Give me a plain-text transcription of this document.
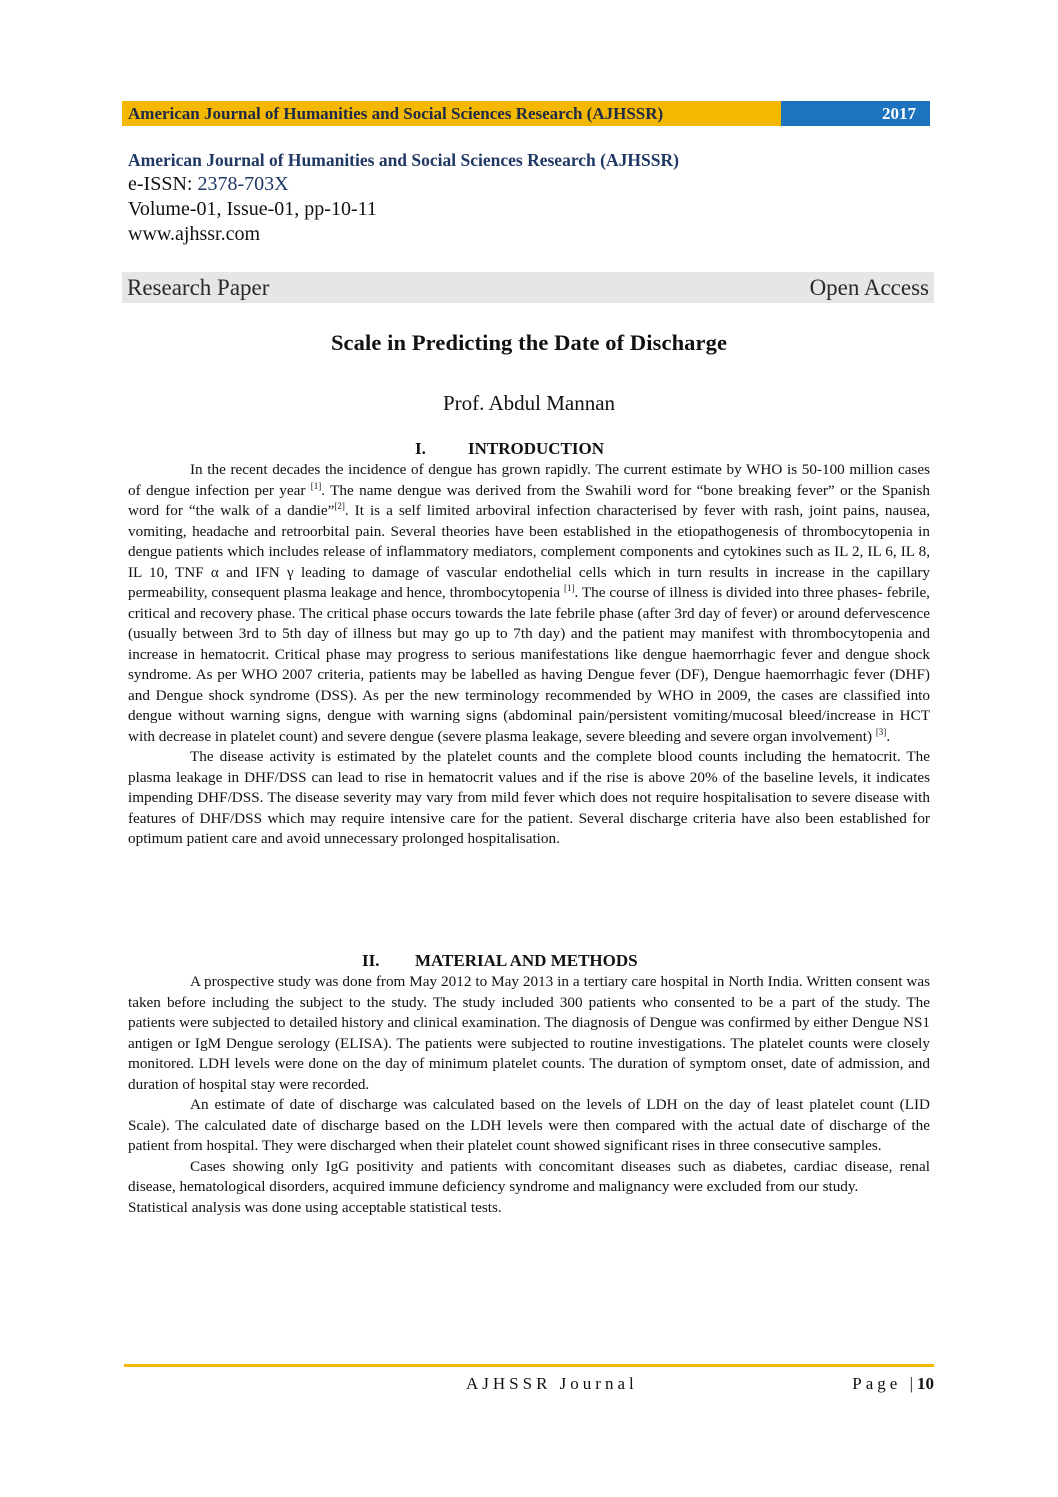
American Journal of Humanities and Social Sciences Research (AJHSSR)	2017
American Journal of Humanities and Social Sciences Research (AJHSSR)
e-ISSN: 2378-703X
Volume-01, Issue-01, pp-10-11
www.ajhssr.com
Research Paper	Open Access
Scale in Predicting the Date of Discharge
Prof. Abdul Mannan
I. INTRODUCTION

In the recent decades the incidence of dengue has grown rapidly. The current estimate by WHO is 50-100 million cases of dengue infection per year [1]. The name dengue was derived from the Swahili word for “bone breaking fever” or the Spanish word for “the walk of a dandie”[2]. It is a self limited arboviral infection characterised by fever with rash, joint pains, nausea, vomiting, headache and retroorbital pain. Several theories have been established in the etiopathogenesis of thrombocytopenia in dengue patients which includes release of inflammatory mediators, complement components and cytokines such as IL 2, IL 6, IL 8, IL 10, TNF α and IFN γ leading to damage of vascular endothelial cells which in turn results in increase in the capillary permeability, consequent plasma leakage and hence, thrombocytopenia [1]. The course of illness is divided into three phases- febrile, critical and recovery phase. The critical phase occurs towards the late febrile phase (after 3rd day of fever) or around defervescence (usually between 3rd to 5th day of illness but may go up to 7th day) and the patient may manifest with thrombocytopenia and increase in hematocrit. Critical phase may progress to serious manifestations like dengue haemorrhagic fever and dengue shock syndrome. As per WHO 2007 criteria, patients may be labelled as having Dengue fever (DF), Dengue haemorrhagic fever (DHF) and Dengue shock syndrome (DSS). As per the new terminology recommended by WHO in 2009, the cases are classified into dengue without warning signs, dengue with warning signs (abdominal pain/persistent vomiting/mucosal bleed/increase in HCT with decrease in platelet count) and severe dengue (severe plasma leakage, severe bleeding and severe organ involvement) [3].

The disease activity is estimated by the platelet counts and the complete blood counts including the hematocrit. The plasma leakage in DHF/DSS can lead to rise in hematocrit values and if the rise is above 20% of the baseline levels, it indicates impending DHF/DSS. The disease severity may vary from mild fever which does not require hospitalisation to severe disease with features of DHF/DSS which may require intensive care for the patient. Several discharge criteria have also been established for optimum patient care and avoid unnecessary prolonged hospitalisation.

II. MATERIAL AND METHODS

A prospective study was done from May 2012 to May 2013 in a tertiary care hospital in North India. Written consent was taken before including the subject to the study. The study included 300 patients who consented to be a part of the study. The patients were subjected to detailed history and clinical examination. The diagnosis of Dengue was confirmed by either Dengue NS1 antigen or IgM Dengue serology (ELISA). The patients were subjected to routine investigations. The platelet counts were closely monitored. LDH levels were done on the day of minimum platelet counts. The duration of symptom onset, date of admission, and duration of hospital stay were recorded.

An estimate of date of discharge was calculated based on the levels of LDH on the day of least platelet count (LID Scale). The calculated date of discharge based on the LDH levels were then compared with the actual date of discharge of the patient from hospital. They were discharged when their platelet count showed significant rises in three consecutive samples.

Cases showing only IgG positivity and patients with concomitant diseases such as diabetes, cardiac disease, renal disease, hematological disorders, acquired immune deficiency syndrome and malignancy were excluded from our study.

Statistical analysis was done using acceptable statistical tests.

AJHSSR Journal	Page |10
